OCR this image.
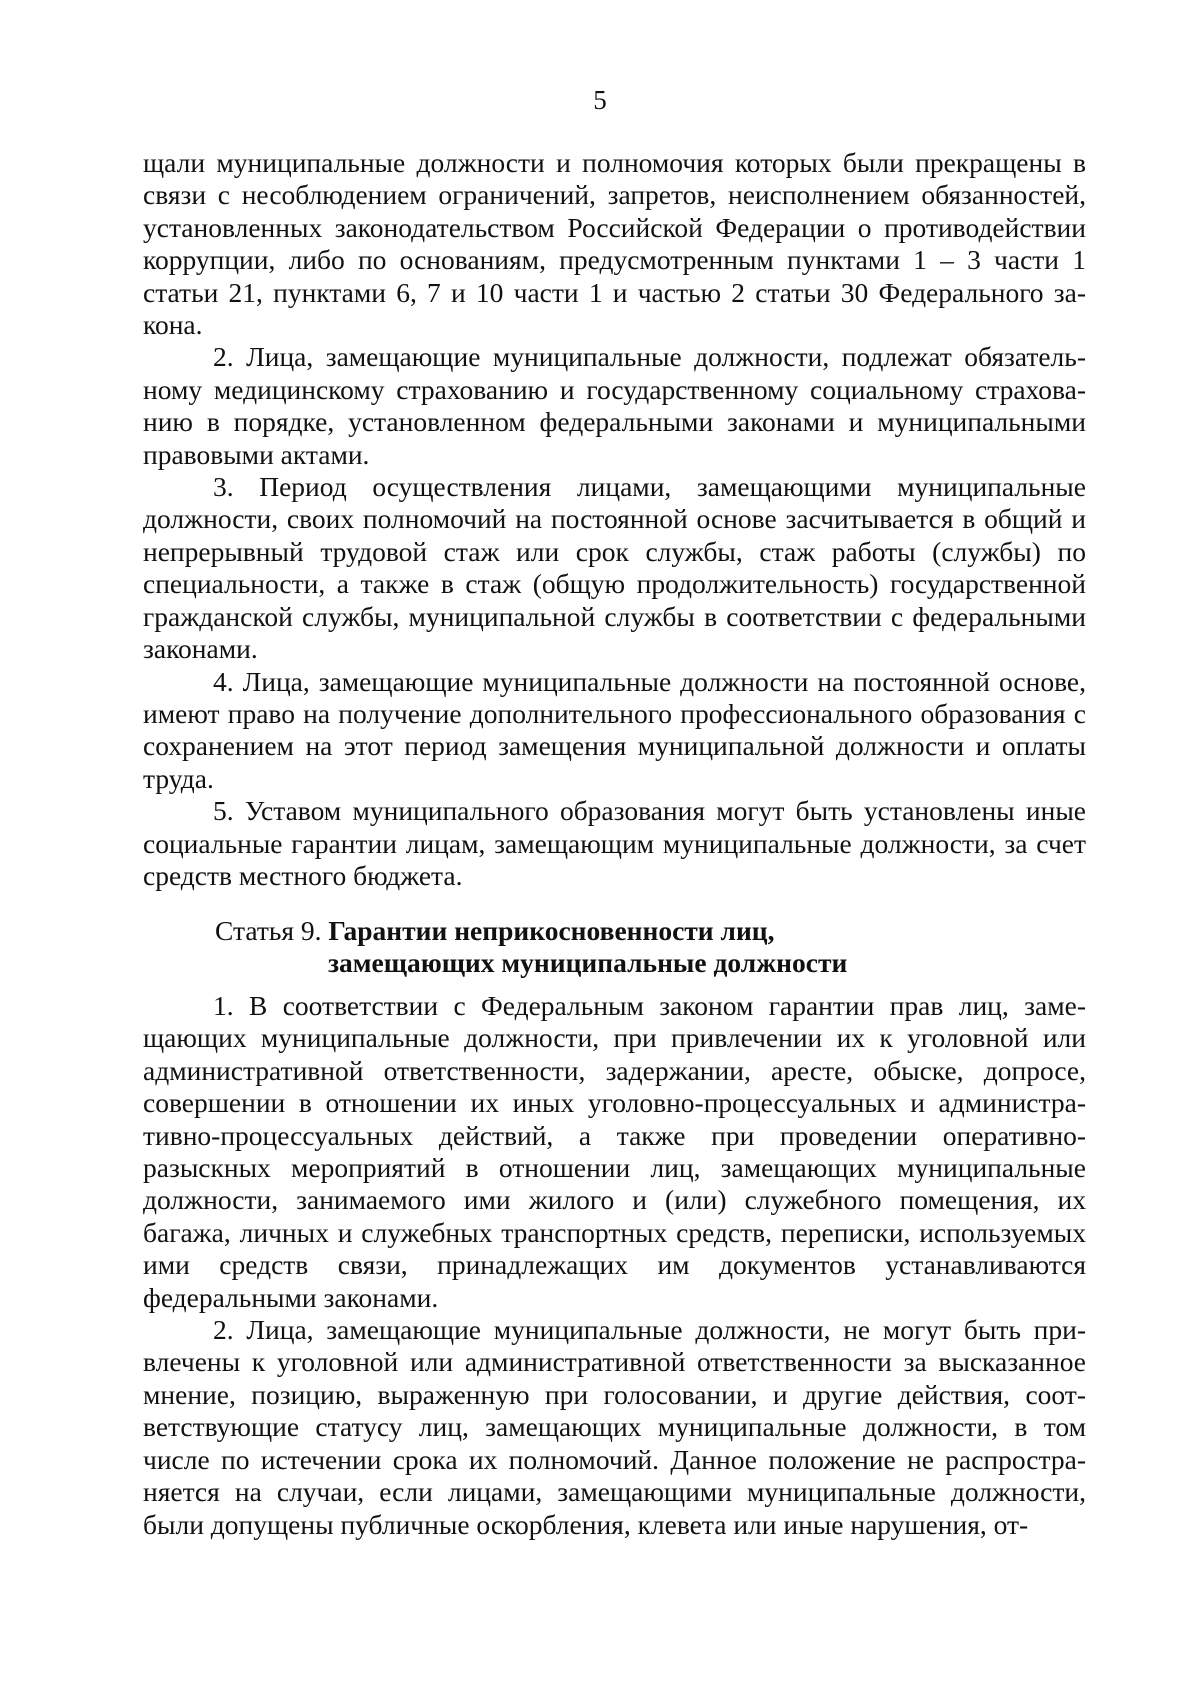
5

щали муниципальные должности и полномочия которых были прекращены в связи с несоблюдением ограничений, запретов, неисполнением обязанностей, установленных законодательством Российской Федерации о противодействии коррупции, либо по основаниям, предусмотренным пунктами 1 – 3 части 1 статьи 21, пунктами 6, 7 и 10 части 1 и частью 2 статьи 30 Федерального закона.

2. Лица, замещающие муниципальные должности, подлежат обязательному медицинскому страхованию и государственному социальному страхованию в порядке, установленном федеральными законами и муниципальными правовыми актами.

3. Период осуществления лицами, замещающими муниципальные должности, своих полномочий на постоянной основе засчитывается в общий и непрерывный трудовой стаж или срок службы, стаж работы (службы) по специальности, а также в стаж (общую продолжительность) государственной гражданской службы, муниципальной службы в соответствии с федеральными законами.

4. Лица, замещающие муниципальные должности на постоянной основе, имеют право на получение дополнительного профессионального образования с сохранением на этот период замещения муниципальной должности и оплаты труда.

5. Уставом муниципального образования могут быть установлены иные социальные гарантии лицам, замещающим муниципальные должности, за счет средств местного бюджета.

Статья 9. Гарантии неприкосновенности лиц,
замещающих муниципальные должности

1. В соответствии с Федеральным законом гарантии прав лиц, замещающих муниципальные должности, при привлечении их к уголовной или административной ответственности, задержании, аресте, обыске, допросе, совершении в отношении их иных уголовно-процессуальных и административно-процессуальных действий, а также при проведении оперативно-разыскных мероприятий в отношении лиц, замещающих муниципальные должности, занимаемого ими жилого и (или) служебного помещения, их багажа, личных и служебных транспортных средств, переписки, используемых ими средств связи, принадлежащих им документов устанавливаются федеральными законами.

2. Лица, замещающие муниципальные должности, не могут быть привлечены к уголовной или административной ответственности за высказанное мнение, позицию, выраженную при голосовании, и другие действия, соответствующие статусу лиц, замещающих муниципальные должности, в том числе по истечении срока их полномочий. Данное положение не распространяется на случаи, если лицами, замещающими муниципальные должности, были допущены публичные оскорбления, клевета или иные нарушения, от-
